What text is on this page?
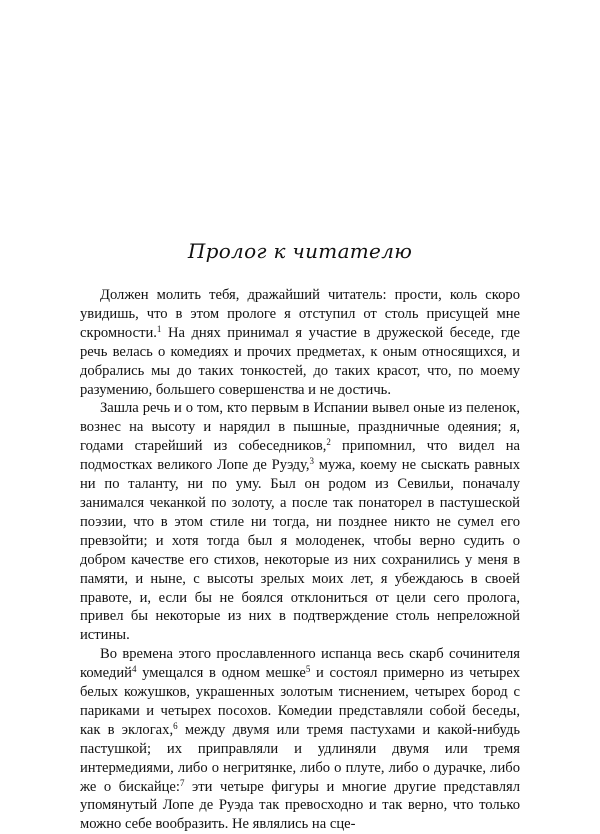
Пролог к читателю

Должен молить тебя, дражайший читатель: прости, коль скоро увидишь, что в этом прологе я отступил от столь присущей мне скромности.$^1$ На днях принимал я участие в дружеской беседе, где речь велась о комедиях и прочих предметах, к оным относящихся, и добрались мы до таких тонкостей, до таких красот, что, по моему разумению, большего совершенства и не достичь.

Зашла речь и о том, кто первым в Испании вывел оные из пеленок, вознес на высоту и нарядил в пышные, праздничные одеяния; я, годами старейший из собеседников,$^2$ припомнил, что видел на подмостках великого Лопе де Руэду,$^3$ мужа, коему не сыскать равных ни по таланту, ни по уму. Был он родом из Севильи, поначалу занимался чеканкой по золоту, а после так понаторел в пастушеской поэзии, что в этом стиле ни тогда, ни позднее никто не сумел его превзойти; и хотя тогда был я молоденек, чтобы верно судить о добром качестве его стихов, некоторые из них сохранились у меня в памяти, и ныне, с высоты зрелых моих лет, я убеждаюсь в своей правоте, и, если бы не боялся отклониться от цели сего пролога, привел бы некоторые из них в подтверждение столь непреложной истины.

Во времена этого прославленного испанца весь скарб сочинителя комедий$^4$ умещался в одном мешке$^5$ и состоял примерно из четырех белых кожушков, украшенных золотым тиснением, четырех бород с париками и четырех посохов. Комедии представляли собой беседы, как в эклогах,$^6$ между двумя или тремя пастухами и какой-нибудь пастушкой; их приправляли и удлиняли двумя или тремя интермедиями, либо о негритянке, либо о плуте, либо о дурачке, либо же о бискайце:$^7$ эти четыре фигуры и многие другие представлял упомянутый Лопе де Руэда так превосходно и так верно, что только можно себе вообразить. Не являлись на сце-
